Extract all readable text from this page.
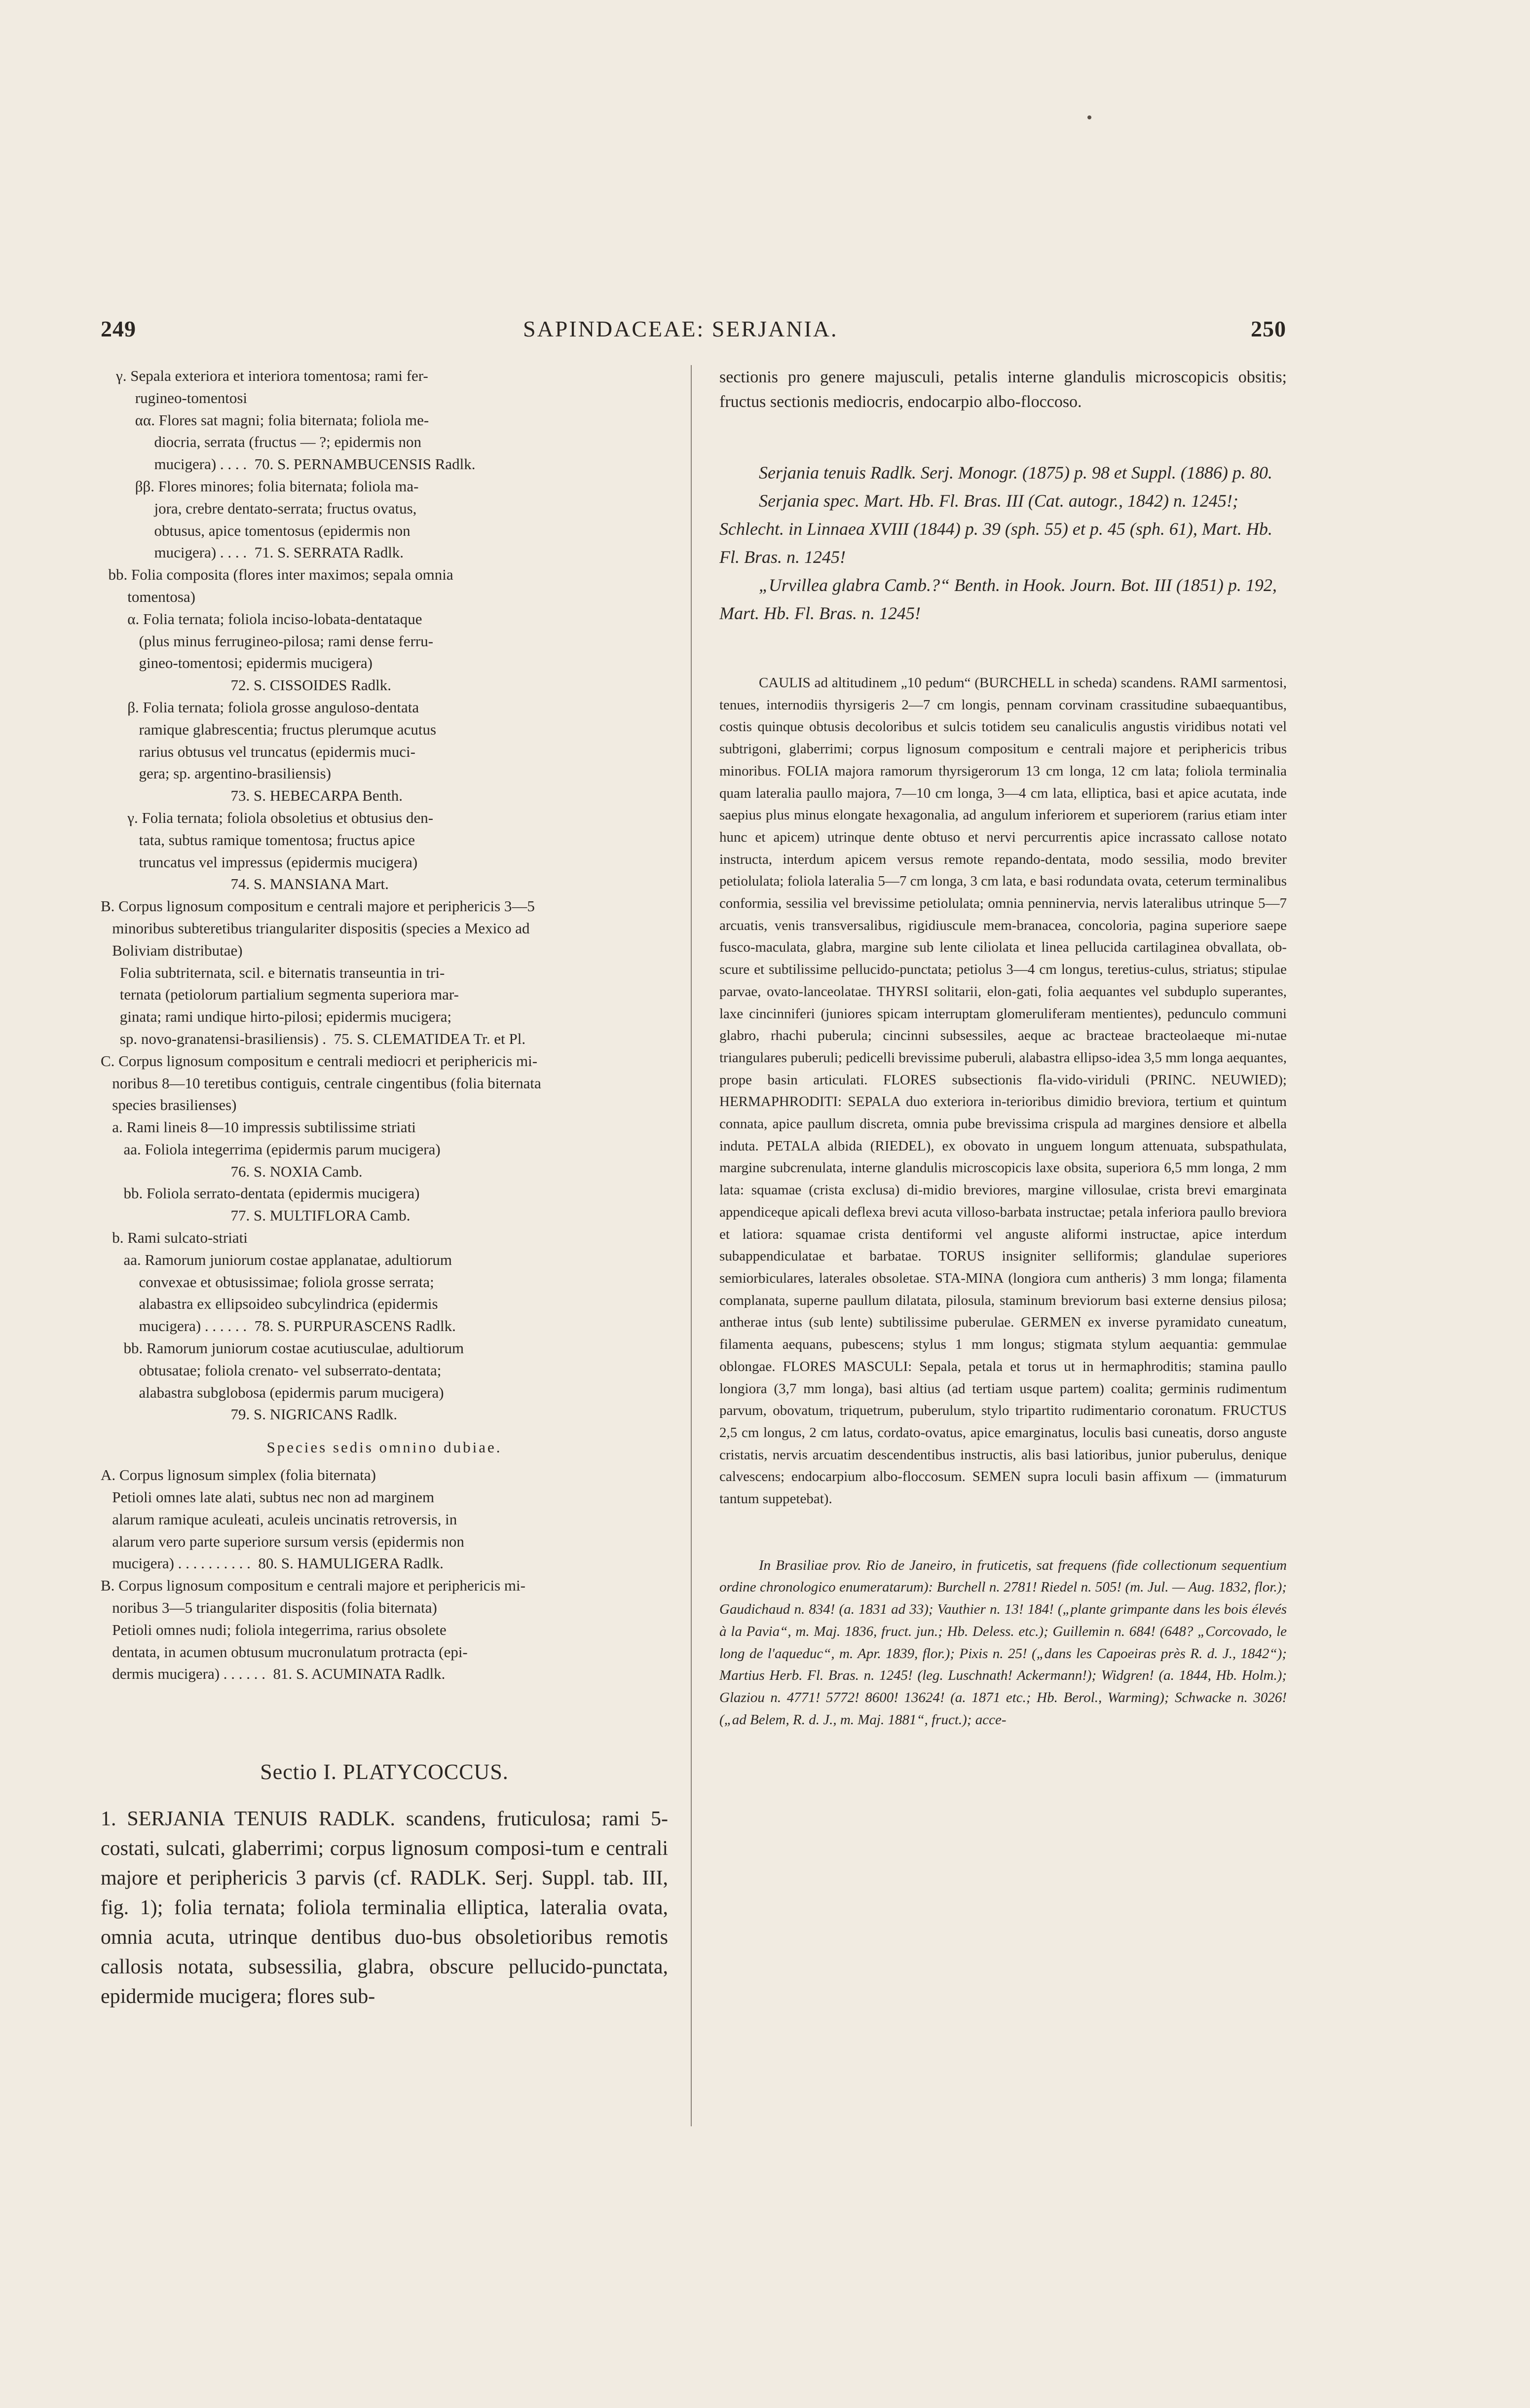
249	SAPINDACEAE: SERJANIA.	250
γ. Sepala exteriora et interiora tomentosa; rami fer-
rugineo-tomentosi
αα. Flores sat magni; folia biternata; foliola me-
diocria, serrata (fructus — ?; epidermis non
mucigera) . . . .  70. S. PERNAMBUCENSIS Radlk.
ββ. Flores minores; folia biternata; foliola ma-
jora, crebre dentato-serrata; fructus ovatus,
obtusus, apice tomentosus (epidermis non
mucigera) . . . .  71. S. SERRATA Radlk.
bb. Folia composita (flores inter maximos; sepala omnia
tomentosa)
α. Folia ternata; foliola inciso-lobata-dentataque
(plus minus ferrugineo-pilosa; rami dense ferru-
gineo-tomentosi; epidermis mucigera)
72. S. CISSOIDES Radlk.
β. Folia ternata; foliola grosse anguloso-dentata
ramique glabrescentia; fructus plerumque acutus
rarius obtusus vel truncatus (epidermis muci-
gera; sp. argentino-brasiliensis)
73. S. HEBECARPA Benth.
γ. Folia ternata; foliola obsoletius et obtusius den-
tata, subtus ramique tomentosa; fructus apice
truncatus vel impressus (epidermis mucigera)
74. S. MANSIANA Mart.
B. Corpus lignosum compositum e centrali majore et periphericis 3—5
minoribus subteretibus triangulariter dispositis (species a Mexico ad
Boliviam distributae)
Folia subtriternata, scil. e biternatis transeuntia in tri-
ternata (petiolorum partialium segmenta superiora mar-
ginata; rami undique hirto-pilosi; epidermis mucigera;
sp. novo-granatensi-brasiliensis) .  75. S. CLEMATIDEA Tr. et Pl.
C. Corpus lignosum compositum e centrali mediocri et periphericis mi-
noribus 8—10 teretibus contiguis, centrale cingentibus (folia biternata
species brasilienses)
a. Rami lineis 8—10 impressis subtilissime striati
aa. Foliola integerrima (epidermis parum mucigera)
76. S. NOXIA Camb.
bb. Foliola serrato-dentata (epidermis mucigera)
77. S. MULTIFLORA Camb.
b. Rami sulcato-striati
aa. Ramorum juniorum costae applanatae, adultiorum
convexae et obtusissimae; foliola grosse serrata;
alabastra ex ellipsoideo subcylindrica (epidermis
mucigera) . . . . . .  78. S. PURPURASCENS Radlk.
bb. Ramorum juniorum costae acutiusculae, adultiorum
obtusatae; foliola crenato- vel subserrato-dentata;
alabastra subglobosa (epidermis parum mucigera)
79. S. NIGRICANS Radlk.
Species sedis omnino dubiae.
A. Corpus lignosum simplex (folia biternata)
Petioli omnes late alati, subtus nec non ad marginem
alarum ramique aculeati, aculeis uncinatis retroversis, in
alarum vero parte superiore sursum versis (epidermis non
mucigera) . . . . . . . . . .  80. S. HAMULIGERA Radlk.
B. Corpus lignosum compositum e centrali majore et periphericis mi-
noribus 3—5 triangulariter dispositis (folia biternata)
Petioli omnes nudi; foliola integerrima, rarius obsolete
dentata, in acumen obtusum mucronulatum protracta (epi-
dermis mucigera) . . . . . .  81. S. ACUMINATA Radlk.
Sectio I. PLATYCOCCUS.
1. SERJANIA TENUIS RADLK. scandens, fruticulosa; rami 5-costati, sulcati, glaberrimi; corpus lignosum composi-tum e centrali majore et periphericis 3 parvis (cf. RADLK. Serj. Suppl. tab. III, fig. 1); folia ternata; foliola terminalia elliptica, lateralia ovata, omnia acuta, utrinque dentibus duo-bus obsoletioribus remotis callosis notata, subsessilia, glabra, obscure pellucido-punctata, epidermide mucigera; flores sub-
sectionis pro genere majusculi, petalis interne glandulis microscopicis obsitis; fructus sectionis mediocris, endocarpio albo-floccoso.
Serjania tenuis Radlk. Serj. Monogr. (1875) p. 98 et Suppl. (1886) p. 80.
Serjania spec. Mart. Hb. Fl. Bras. III (Cat. autogr., 1842) n. 1245!; Schlecht. in Linnaea XVIII (1844) p. 39 (sph. 55) et p. 45 (sph. 61), Mart. Hb. Fl. Bras. n. 1245!
„Urvillea glabra Camb.?“ Benth. in Hook. Journ. Bot. III (1851) p. 192, Mart. Hb. Fl. Bras. n. 1245!
CAULIS ad altitudinem „10 pedum“ (BURCHELL in scheda) scandens. RAMI sarmentosi, tenues, internodiis thyrsigeris 2—7 cm longis, pennam corvinam crassitudine subaequantibus, costis quinque obtusis decoloribus et sulcis totidem seu canaliculis angustis viridibus notati vel subtrigoni, glaberrimi; corpus lignosum compositum e centrali majore et periphericis tribus minoribus. FOLIA majora ramorum thyrsigerorum 13 cm longa, 12 cm lata; foliola terminalia quam lateralia paullo majora, 7—10 cm longa, 3—4 cm lata, elliptica, basi et apice acutata, inde saepius plus minus elongate hexagonalia, ad angulum inferiorem et superiorem (rarius etiam inter hunc et apicem) utrinque dente obtuso et nervi percurrentis apice incrassato callose notato instructa, interdum apicem versus remote repando-dentata, modo sessilia, modo breviter petiolulata; foliola lateralia 5—7 cm longa, 3 cm lata, e basi rodundata ovata, ceterum terminalibus conformia, sessilia vel brevissime petiolulata; omnia penninervia, nervis lateralibus utrinque 5—7 arcuatis, venis transversalibus, rigidiuscule mem-branacea, concoloria, pagina superiore saepe fusco-maculata, glabra, margine sub lente ciliolata et linea pellucida cartilaginea obvallata, ob-scure et subtilissime pellucido-punctata; petiolus 3—4 cm longus, teretius-culus, striatus; stipulae parvae, ovato-lanceolatae. THYRSI solitarii, elon-gati, folia aequantes vel subduplo superantes, laxe cincinniferi (juniores spicam interruptam glomeruliferam mentientes), pedunculo communi glabro, rhachi puberula; cincinni subsessiles, aeque ac bracteae bracteolaeque mi-nutae triangulares puberuli; pedicelli brevissime puberuli, alabastra ellipso-idea 3,5 mm longa aequantes, prope basin articulati. FLORES subsectionis fla-vido-viriduli (PRINC. NEUWIED); HERMAPHRODITI: SEPALA duo exteriora in-terioribus dimidio breviora, tertium et quintum connata, apice paullum discreta, omnia pube brevissima crispula ad margines densiore et albella induta. PETALA albida (RIEDEL), ex obovato in unguem longum attenuata, subspathulata, margine subcrenulata, interne glandulis microscopicis laxe obsita, superiora 6,5 mm longa, 2 mm lata: squamae (crista exclusa) di-midio breviores, margine villosulae, crista brevi emarginata appendiceque apicali deflexa brevi acuta villoso-barbata instructae; petala inferiora paullo breviora et latiora: squamae crista dentiformi vel anguste aliformi instructae, apice interdum subappendiculatae et barbatae. TORUS insigniter selliformis; glandulae superiores semiorbiculares, laterales obsoletae. STA-MINA (longiora cum antheris) 3 mm longa; filamenta complanata, superne paullum dilatata, pilosula, staminum breviorum basi externe densius pilosa; antherae intus (sub lente) subtilissime puberulae. GERMEN ex inverse pyramidato cuneatum, filamenta aequans, pubescens; stylus 1 mm longus; stigmata stylum aequantia: gemmulae oblongae. FLORES MASCULI: Sepala, petala et torus ut in hermaphroditis; stamina paullo longiora (3,7 mm longa), basi altius (ad tertiam usque partem) coalita; germinis rudimentum parvum, obovatum, triquetrum, puberulum, stylo tripartito rudimentario coronatum. FRUCTUS 2,5 cm longus, 2 cm latus, cordato-ovatus, apice emarginatus, loculis basi cuneatis, dorso anguste cristatis, nervis arcuatim descendentibus instructis, alis basi latioribus, junior puberulus, denique calvescens; endocarpium albo-floccosum. SEMEN supra loculi basin affixum — (immaturum tantum suppetebat).
In Brasiliae prov. Rio de Janeiro, in fruticetis, sat frequens (fide collectionum sequentium ordine chronologico enumeratarum): Burchell n. 2781! Riedel n. 505! (m. Jul. — Aug. 1832, flor.); Gaudichaud n. 834! (a. 1831 ad 33); Vauthier n. 13! 184! („plante grimpante dans les bois élevés à la Pavia“, m. Maj. 1836, fruct. jun.; Hb. Deless. etc.); Guillemin n. 684! (648? „Corcovado, le long de l'aqueduc“, m. Apr. 1839, flor.); Pixis n. 25! („dans les Capoeiras près R. d. J., 1842“); Martius Herb. Fl. Bras. n. 1245! (leg. Luschnath! Ackermann!); Widgren! (a. 1844, Hb. Holm.); Glaziou n. 4771! 5772! 8600! 13624! (a. 1871 etc.; Hb. Berol., Warming); Schwacke n. 3026! („ad Belem, R. d. J., m. Maj. 1881“, fruct.); acce-
